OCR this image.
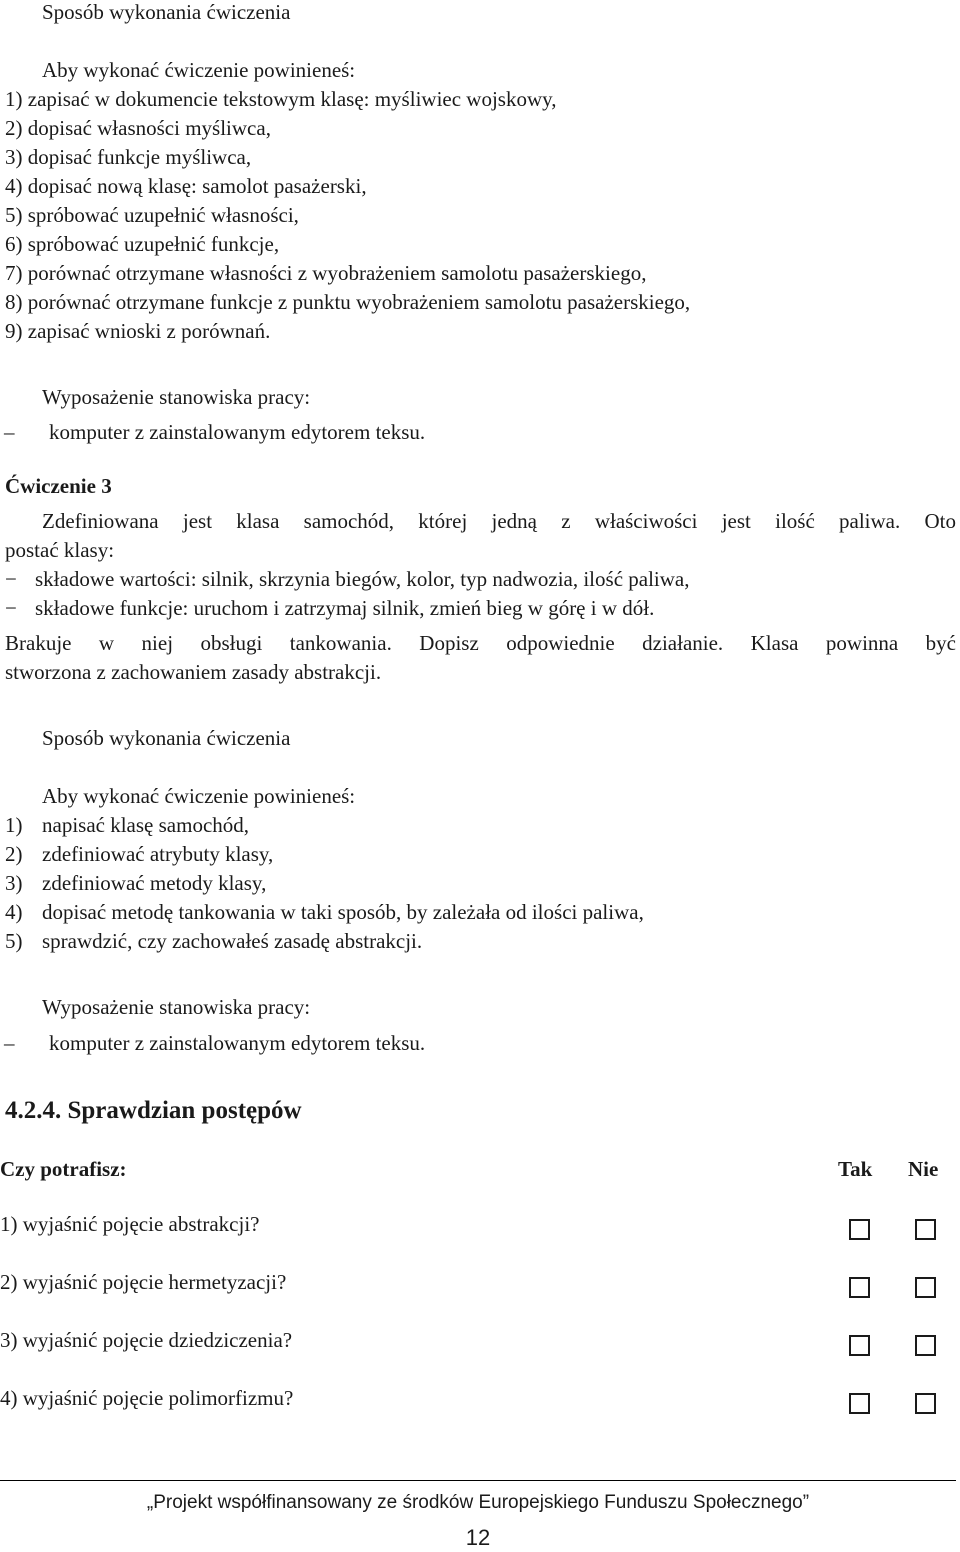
Sposób wykonania ćwiczenia
Aby wykonać ćwiczenie powinieneś:
1) zapisać w dokumencie tekstowym klasę: myśliwiec wojskowy,
2) dopisać własności myśliwca,
3) dopisać funkcje myśliwca,
4) dopisać nową klasę: samolot pasażerski,
5) spróbować uzupełnić własności,
6) spróbować uzupełnić funkcje,
7) porównać otrzymane własności z wyobrażeniem samolotu pasażerskiego,
8) porównać otrzymane funkcje z punktu wyobrażeniem samolotu pasażerskiego,
9) zapisać wnioski z porównań.
Wyposażenie stanowiska pracy:
– komputer z zainstalowanym edytorem teksu.
Ćwiczenie 3
Zdefiniowana jest klasa samochód, której jedną z właściwości jest ilość paliwa. Oto
postać klasy:
− składowe wartości: silnik, skrzynia biegów, kolor, typ nadwozia, ilość paliwa,
− składowe funkcje: uruchom i zatrzymaj silnik, zmień bieg w górę i w dół.
Brakuje w niej obsługi tankowania. Dopisz odpowiednie działanie. Klasa powinna być
stworzona z zachowaniem zasady abstrakcji.
Sposób wykonania ćwiczenia
Aby wykonać ćwiczenie powinieneś:
1) napisać klasę samochód,
2) zdefiniować atrybuty klasy,
3) zdefiniować metody klasy,
4) dopisać metodę tankowania w taki sposób, by zależała od ilości paliwa,
5) sprawdzić, czy zachowałeś zasadę abstrakcji.
Wyposażenie stanowiska pracy:
– komputer z zainstalowanym edytorem teksu.
4.2.4. Sprawdzian postępów
Czy potrafisz:	Tak Nie
1) wyjaśnić pojęcie abstrakcji?
2) wyjaśnić pojęcie hermetyzacji?
3) wyjaśnić pojęcie dziedziczenia?
4) wyjaśnić pojęcie polimorfizmu?
„Projekt współfinansowany ze środków Europejskiego Funduszu Społecznego”
12
